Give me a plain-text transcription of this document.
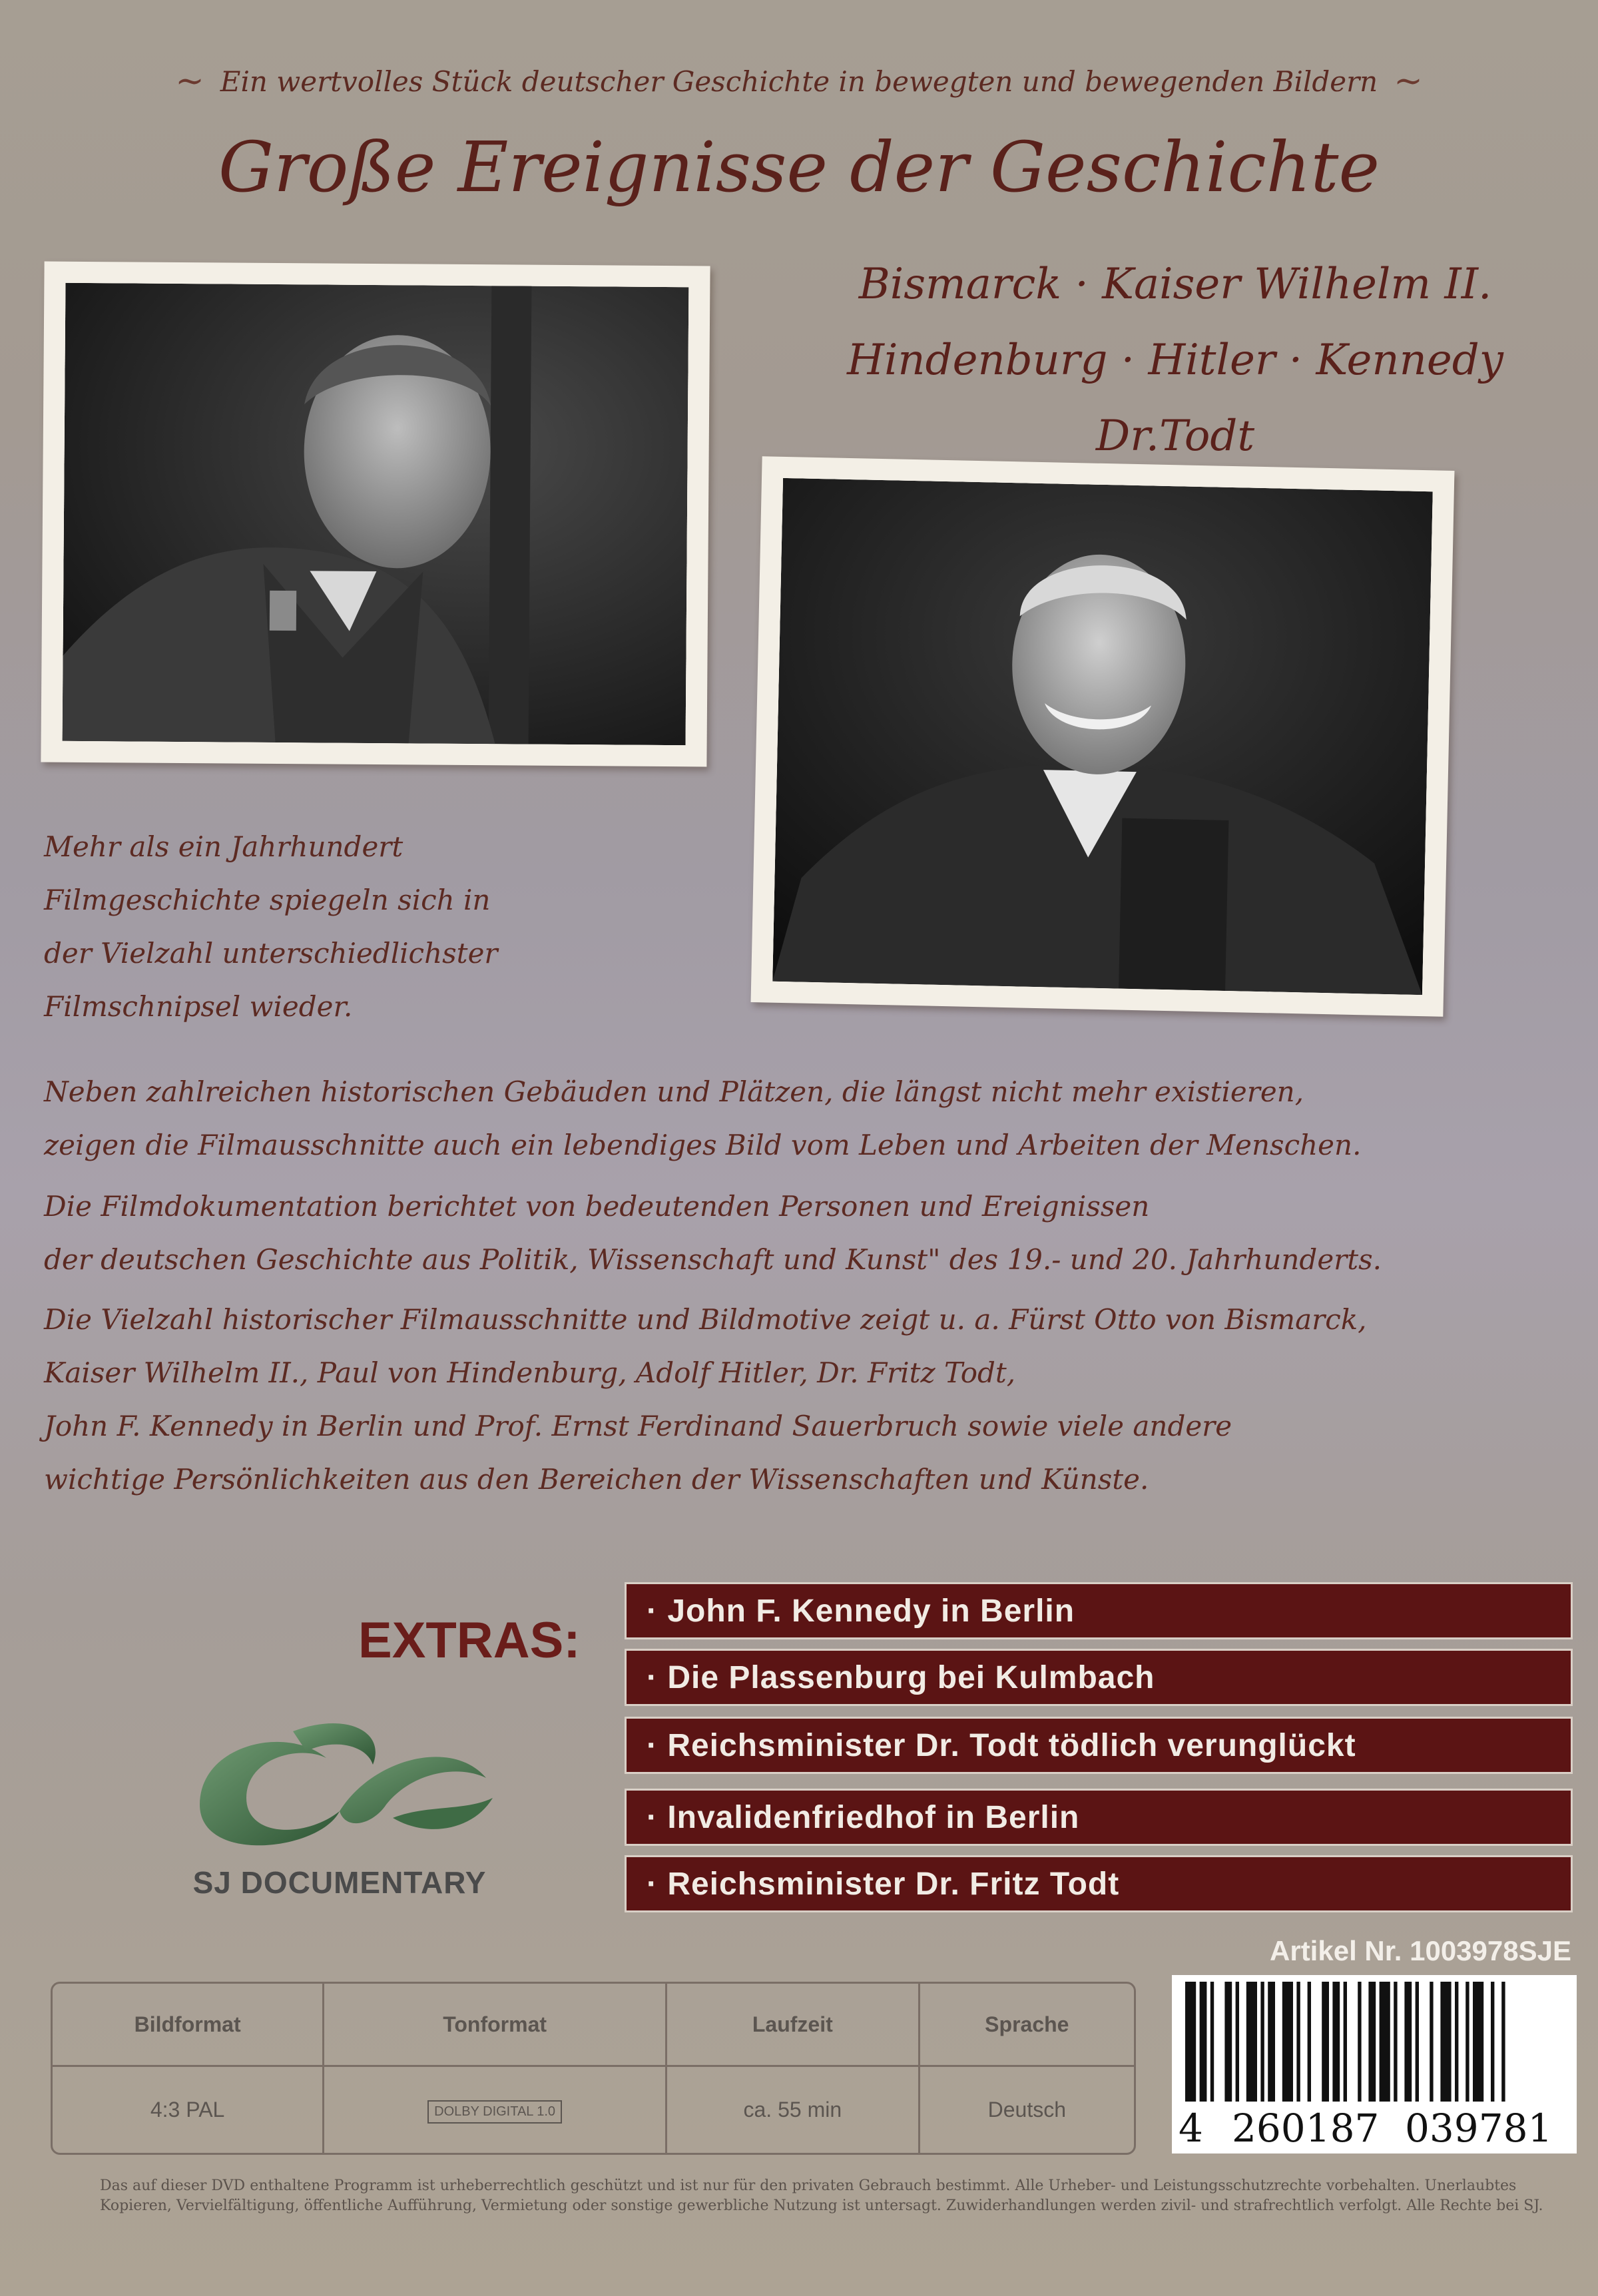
~ Ein wertvolles Stück deutscher Geschichte in bewegten und bewegenden Bildern ~
Große Ereignisse der Geschichte
Bismarck · Kaiser Wilhelm II.
Hindenburg · Hitler · Kennedy
Dr.Todt
Mehr als ein Jahrhundert
Filmgeschichte spiegeln sich in
der Vielzahl unterschiedlichster
Filmschnipsel wieder.
Neben zahlreichen historischen Gebäuden und Plätzen, die längst nicht mehr existieren,
zeigen die Filmausschnitte auch ein lebendiges Bild vom Leben und Arbeiten der Menschen.
Die Filmdokumentation berichtet von bedeutenden Personen und Ereignissen
der deutschen Geschichte aus Politik, Wissenschaft und Kunst" des 19.- und 20. Jahrhunderts.
Die Vielzahl historischer Filmausschnitte und Bildmotive zeigt u. a. Fürst Otto von Bismarck,
Kaiser Wilhelm II., Paul von Hindenburg, Adolf Hitler, Dr. Fritz Todt,
John F. Kennedy in Berlin und Prof. Ernst Ferdinand Sauerbruch sowie viele andere
wichtige Persönlichkeiten aus den Bereichen der Wissenschaften und Künste.
EXTRAS:
· John F. Kennedy in Berlin
· Die Plassenburg bei Kulmbach
· Reichsminister Dr. Todt tödlich verunglückt
· Invalidenfriedhof in Berlin
· Reichsminister Dr. Fritz Todt
SJ DOCUMENTARY
Artikel Nr. 1003978SJE
4 260187 039781
Bildformat	Tonformat	Laufzeit	Sprache
4:3 PAL	DOLBY DIGITAL 1.0	ca. 55 min	Deutsch
Das auf dieser DVD enthaltene Programm ist urheberrechtlich geschützt und ist nur für den privaten Gebrauch bestimmt. Alle Urheber- und Leistungsschutzrechte vorbehalten. Unerlaubtes Kopieren, Vervielfältigung, öffentliche Aufführung, Vermietung oder sonstige gewerbliche Nutzung ist untersagt. Zuwiderhandlungen werden zivil- und strafrechtlich verfolgt. Alle Rechte bei SJ.
